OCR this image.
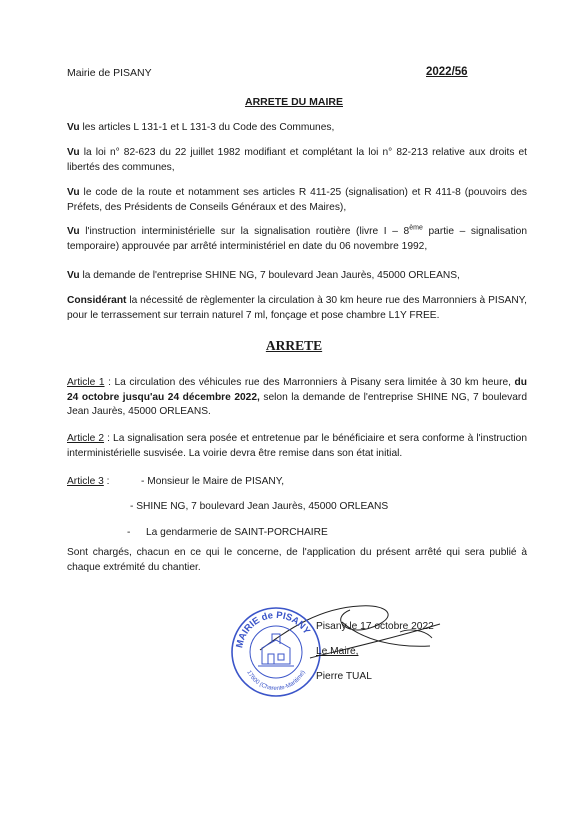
Mairie de PISANY	2022/56
ARRETE DU MAIRE
Vu les articles L 131-1 et L 131-3 du Code des Communes,
Vu la loi n° 82-623 du 22 juillet 1982 modifiant et complétant la loi n° 82-213 relative aux droits et libertés des communes,
Vu le code de la route et notamment ses articles R 411-25 (signalisation) et R 411-8 (pouvoirs des Préfets, des Présidents de Conseils Généraux et des Maires),
Vu l'instruction interministérielle sur la signalisation routière (livre I – 8ème partie – signalisation temporaire) approuvée par arrêté interministériel en date du 06 novembre 1992,
Vu la demande de l'entreprise SHINE NG, 7 boulevard Jean Jaurès, 45000 ORLEANS,
Considérant la nécessité de règlementer la circulation à 30 km heure rue des Marronniers à PISANY, pour le terrassement sur terrain naturel 7 ml, fonçage et pose chambre L1Y FREE.
ARRETE
Article 1 : La circulation des véhicules rue des Marronniers à Pisany sera limitée à 30 km heure, du 24 octobre jusqu'au 24 décembre 2022, selon la demande de l'entreprise SHINE NG, 7 boulevard Jean Jaurès, 45000 ORLEANS.
Article 2 : La signalisation sera posée et entretenue par le bénéficiaire et sera conforme à l'instruction interministérielle susvisée. La voirie devra être remise dans son état initial.
Article 3 :	- Monsieur le Maire de PISANY,
- SHINE NG, 7 boulevard Jean Jaurès, 45000 ORLEANS
- La gendarmerie de SAINT-PORCHAIRE
Sont chargés, chacun en ce qui le concerne, de l'application du présent arrêté qui sera publié à chaque extrémité du chantier.
MAIRIE de PISANY
17600 (Charente-Maritime)
Pisany le 17 octobre 2022
Le Maire,
Pierre TUAL
